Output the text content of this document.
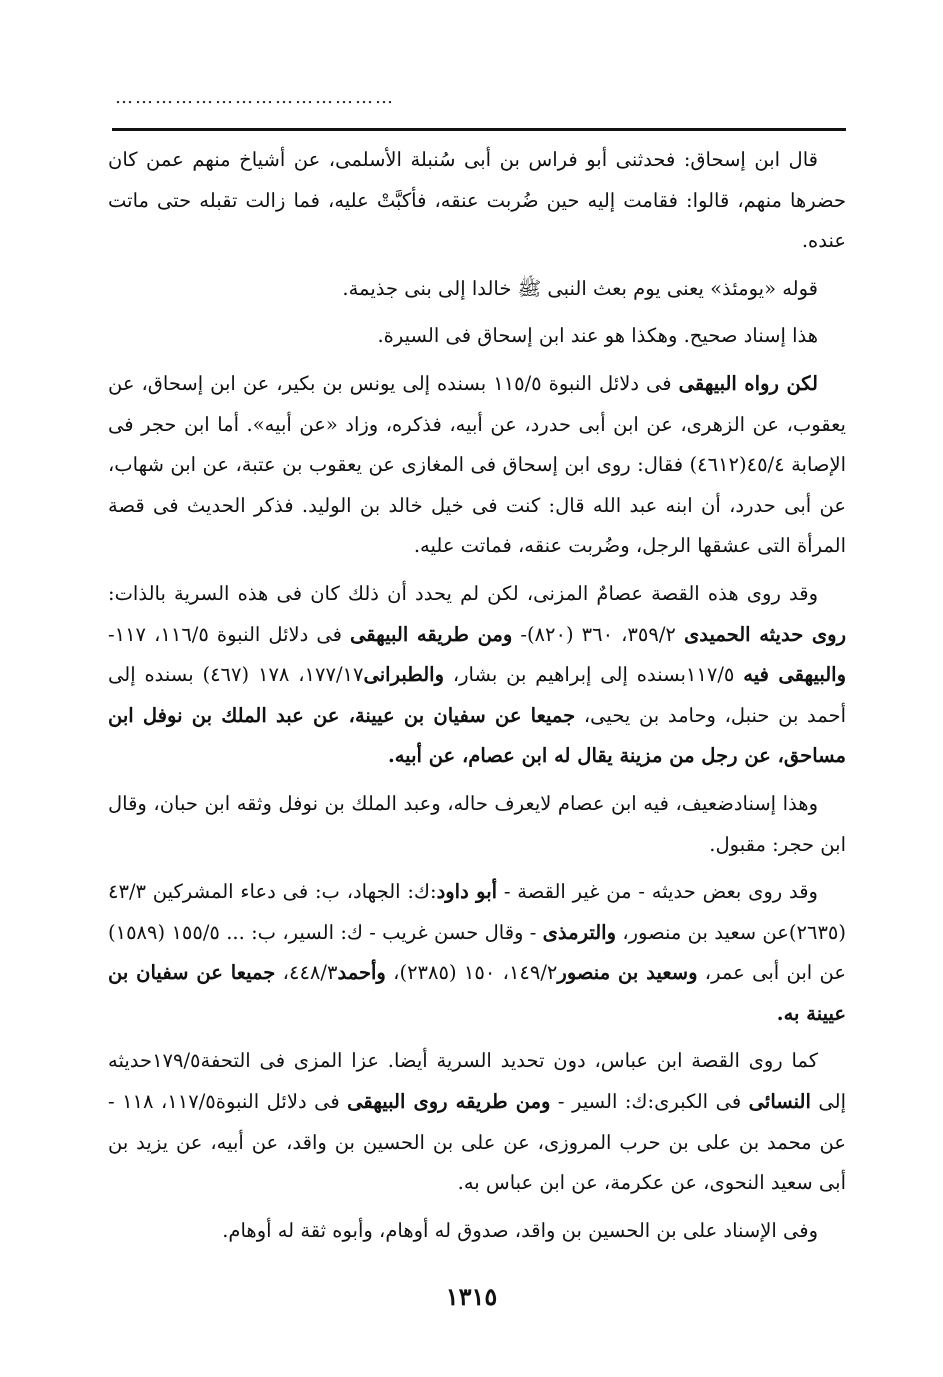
……………………………………

قال ابن إسحاق: فحدثنى أبو فراس بن أبى سُنبلة الأسلمى، عن أشياخ منهم عمن كان حضرها منهم، قالوا: فقامت إليه حين ضُربت عنقه، فأكبَّتْ عليه، فما زالت تقبله حتى ماتت عنده.

قوله «يومئذ» يعنى يوم بعث النبى ﷺ خالدا إلى بنى جذيمة.

هذا إسناد صحيح. وهكذا هو عند ابن إسحاق فى السيرة.

لكن رواه البيهقى فى دلائل النبوة ١١٥/٥ بسنده إلى يونس بن بكير، عن ابن إسحاق، عن يعقوب، عن الزهرى، عن ابن أبى حدرد، عن أبيه، فذكره، وزاد «عن أبيه». أما ابن حجر فى الإصابة ٤٥/٤(٤٦١٢) فقال: روى ابن إسحاق فى المغازى عن يعقوب بن عتبة، عن ابن شهاب، عن أبى حدرد، أن ابنه عبد الله قال: كنت فى خيل خالد بن الوليد. فذكر الحديث فى قصة المرأة التى عشقها الرجل، وضُربت عنقه، فماتت عليه.

وقد روى هذه القصة عصامٌ المزنى، لكن لم يحدد أن ذلك كان فى هذه السرية بالذات: روى حديثه الحميدى ٣٥٩/٢، ٣٦٠ (٨٢٠)- ومن طريقه البيهقى فى دلائل النبوة ١١٦/٥، ١١٧- والبيهقى فيه ١١٧/٥بسنده إلى إبراهيم بن بشار، والطبرانى١٧٧/١٧، ١٧٨ (٤٦٧) بسنده إلى أحمد بن حنبل، وحامد بن يحيى، جميعا عن سفيان بن عيينة، عن عبد الملك بن نوفل ابن مساحق، عن رجل من مزينة يقال له ابن عصام، عن أبيه.

وهذا إسنادضعيف، فيه ابن عصام لايعرف حاله، وعبد الملك بن نوفل وثقه ابن حبان، وقال ابن حجر: مقبول.

وقد روى بعض حديثه - من غير القصة - أبو داود:ك: الجهاد، ب: فى دعاء المشركين ٤٣/٣ (٢٦٣٥)عن سعيد بن منصور، والترمذى - وقال حسن غريب - ك: السير، ب: ... ١٥٥/٥ (١٥٨٩) عن ابن أبى عمر، وسعيد بن منصور١٤٩/٢، ١٥٠ (٢٣٨٥)، وأحمد٤٤٨/٣، جميعا عن سفيان بن عيينة به.

كما روى القصة ابن عباس، دون تحديد السرية أيضا. عزا المزى فى التحفة١٧٩/٥حديثه إلى النسائى فى الكبرى:ك: السير - ومن طريقه روى البيهقى فى دلائل النبوة١١٧/٥، ١١٨ - عن محمد بن على بن حرب المروزى، عن على بن الحسين بن واقد، عن أبيه، عن يزيد بن أبى سعيد النحوى، عن عكرمة، عن ابن عباس به.

وفى الإسناد على بن الحسين بن واقد، صدوق له أوهام، وأبوه ثقة له أوهام.

١٣١٥
